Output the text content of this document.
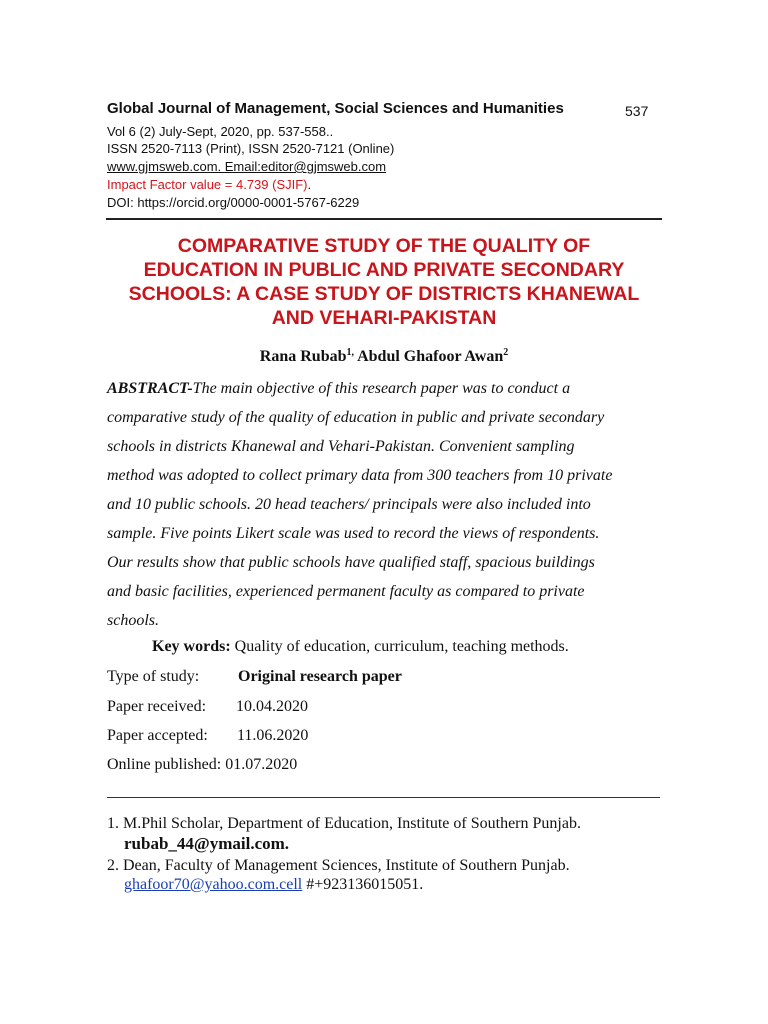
Global Journal of Management, Social Sciences and Humanities	537
Vol 6 (2) July-Sept, 2020, pp. 537-558..
ISSN 2520-7113 (Print), ISSN 2520-7121 (Online)
www.gjmsweb.com. Email:editor@gjmsweb.com
Impact Factor value = 4.739 (SJIF).
DOI: https://orcid.org/0000-0001-5767-6229
COMPARATIVE STUDY OF THE QUALITY OF
EDUCATION IN PUBLIC AND PRIVATE SECONDARY
SCHOOLS: A CASE STUDY OF DISTRICTS KHANEWAL
AND VEHARI-PAKISTAN
Rana Rubab$^{1,}$ Abdul Ghafoor Awan$^2$
ABSTRACT-The main objective of this research paper was to conduct a
comparative study of the quality of education in public and private secondary
schools in districts Khanewal and Vehari-Pakistan. Convenient sampling
method was adopted to collect primary data from 300 teachers from 10 private
and 10 public schools. 20 head teachers/ principals were also included into
sample. Five points Likert scale was used to record the views of respondents.
Our results show that public schools have qualified staff, spacious buildings
and basic facilities, experienced permanent faculty as compared to private
schools.
Key words: Quality of education, curriculum, teaching methods.
Type of study: Original research paper
Paper received: 10.04.2020
Paper accepted: 11.06.2020
Online published: 01.07.2020
1. M.Phil Scholar, Department of Education, Institute of Southern Punjab.
rubab_44@ymail.com.
2. Dean, Faculty of Management Sciences, Institute of Southern Punjab.
ghafoor70@yahoo.com.cell #+923136015051.
